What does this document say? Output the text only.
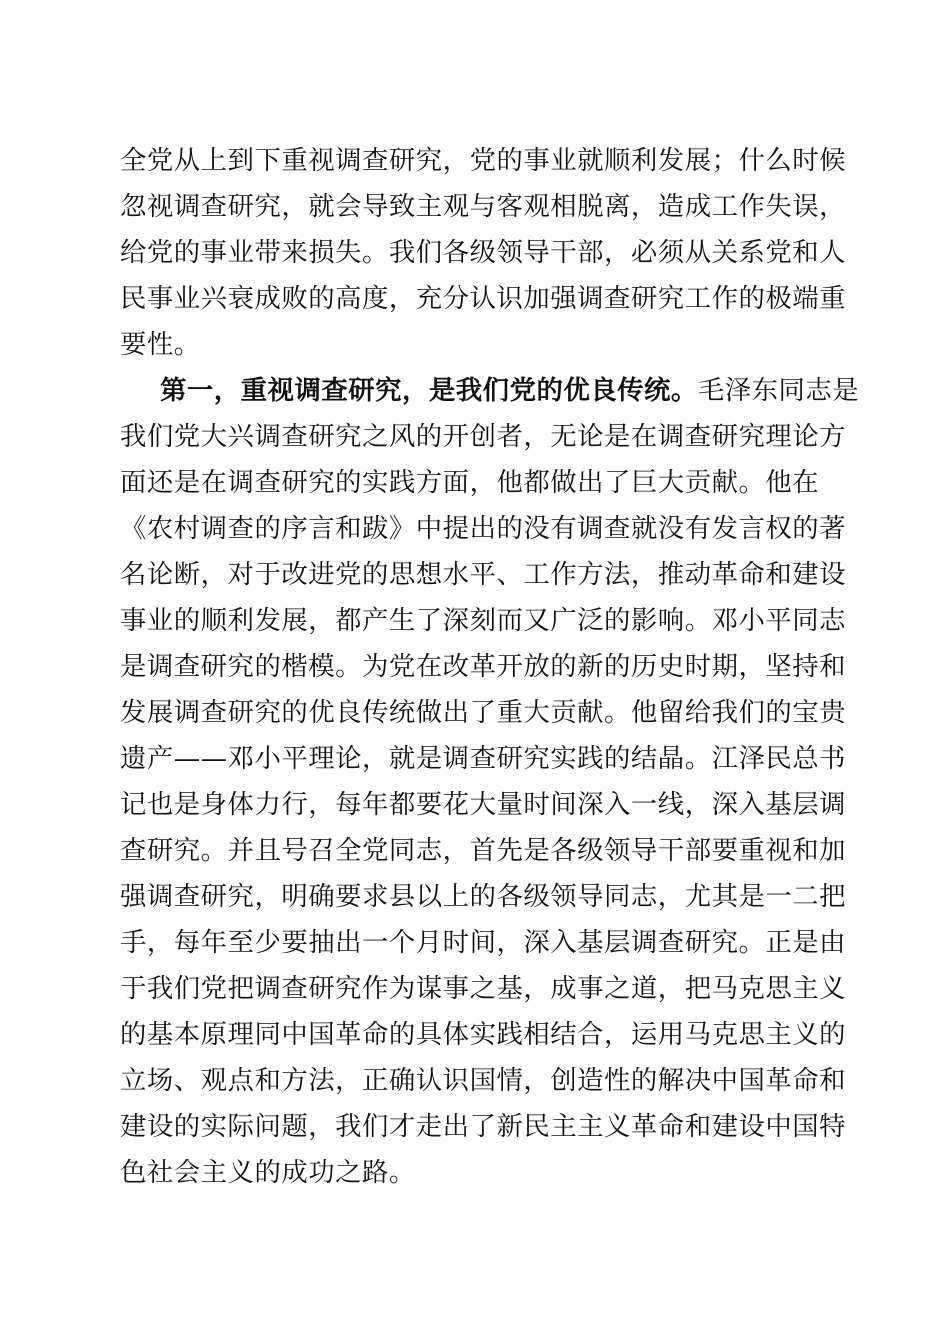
全党从上到下重视调查研究，党的事业就顺利发展；什么时候
忽视调查研究，就会导致主观与客观相脱离，造成工作失误，
给党的事业带来损失。我们各级领导干部，必须从关系党和人
民事业兴衰成败的高度，充分认识加强调查研究工作的极端重
要性。
第一，重视调查研究，是我们党的优良传统。毛泽东同志是
我们党大兴调查研究之风的开创者，无论是在调查研究理论方
面还是在调查研究的实践方面，他都做出了巨大贡献。他在
《农村调查的序言和跋》中提出的没有调查就没有发言权的著
名论断，对于改进党的思想水平、工作方法，推动革命和建设
事业的顺利发展，都产生了深刻而又广泛的影响。邓小平同志
是调查研究的楷模。为党在改革开放的新的历史时期，坚持和
发展调查研究的优良传统做出了重大贡献。他留给我们的宝贵
遗产——邓小平理论，就是调查研究实践的结晶。江泽民总书
记也是身体力行，每年都要花大量时间深入一线，深入基层调
查研究。并且号召全党同志，首先是各级领导干部要重视和加
强调查研究，明确要求县以上的各级领导同志，尤其是一二把
手，每年至少要抽出一个月时间，深入基层调查研究。正是由
于我们党把调查研究作为谋事之基，成事之道，把马克思主义
的基本原理同中国革命的具体实践相结合，运用马克思主义的
立场、观点和方法，正确认识国情，创造性的解决中国革命和
建设的实际问题，我们才走出了新民主主义革命和建设中国特
色社会主义的成功之路。
